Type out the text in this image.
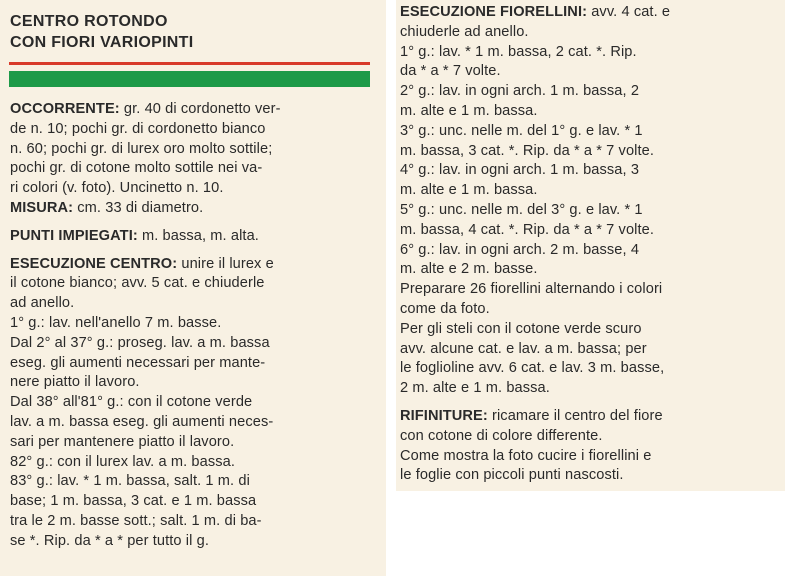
CENTRO ROTONDO
CON FIORI VARIOPINTI
OCCORRENTE: gr. 40 di cordonetto ver-
de n. 10; pochi gr. di cordonetto bianco
n. 60; pochi gr. di lurex oro molto sottile;
pochi gr. di cotone molto sottile nei va-
ri colori (v. foto). Uncinetto n. 10.
MISURA: cm. 33 di diametro.
PUNTI IMPIEGATI: m. bassa, m. alta.
ESECUZIONE CENTRO: unire il lurex e
il cotone bianco; avv. 5 cat. e chiuderle
ad anello.
1° g.: lav. nell'anello 7 m. basse.
Dal 2° al 37° g.: proseg. lav. a m. bassa
eseg. gli aumenti necessari per mante-
nere piatto il lavoro.
Dal 38° all'81° g.: con il cotone verde
lav. a m. bassa eseg. gli aumenti neces-
sari per mantenere piatto il lavoro.
82° g.: con il lurex lav. a m. bassa.
83° g.: lav. * 1 m. bassa, salt. 1 m. di
base; 1 m. bassa, 3 cat. e 1 m. bassa
tra le 2 m. basse sott.; salt. 1 m. di ba-
se *. Rip. da * a * per tutto il g.
ESECUZIONE FIORELLINI: avv. 4 cat. e
chiuderle ad anello.
1° g.: lav. * 1 m. bassa, 2 cat. *. Rip.
da * a * 7 volte.
2° g.: lav. in ogni arch. 1 m. bassa, 2
m. alte e 1 m. bassa.
3° g.: unc. nelle m. del 1° g. e lav. * 1
m. bassa, 3 cat. *. Rip. da * a * 7 volte.
4° g.: lav. in ogni arch. 1 m. bassa, 3
m. alte e 1 m. bassa.
5° g.: unc. nelle m. del 3° g. e lav. * 1
m. bassa, 4 cat. *. Rip. da * a * 7 volte.
6° g.: lav. in ogni arch. 2 m. basse, 4
m. alte e 2 m. basse.
Preparare 26 fiorellini alternando i colori
come da foto.
Per gli steli con il cotone verde scuro
avv. alcune cat. e lav. a m. bassa; per
le foglioline avv. 6 cat. e lav. 3 m. basse,
2 m. alte e 1 m. bassa.
RIFINITURE: ricamare il centro del fiore
con cotone di colore differente.
Come mostra la foto cucire i fiorellini e
le foglie con piccoli punti nascosti.
